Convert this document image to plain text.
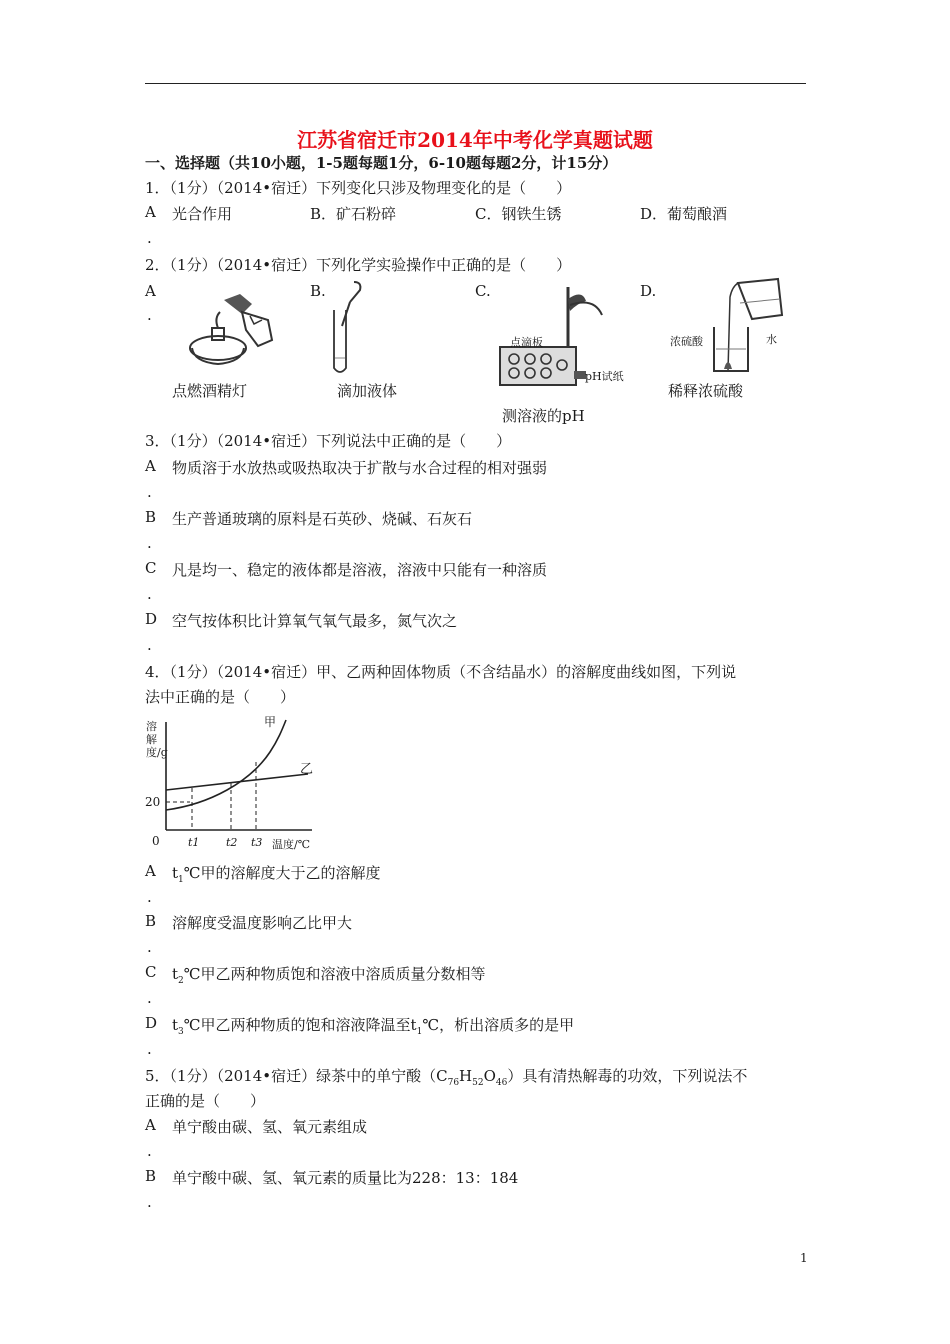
江苏省宿迁市2014年中考化学真题试题
一、选择题（共10小题，1-5题每题1分，6-10题每题2分，计15分）
1．（1分）（2014•宿迁）下列变化只涉及物理变化的是（　　）
A 光合作用	B．矿石粉碎	C．钢铁生锈	D．葡萄酿酒
.
2．（1分）（2014•宿迁）下列化学实验操作中正确的是（　　）
A
.
B.	C.	D.
点燃酒精灯	滴加液体
点滴板
pH试纸
测溶液的pH
浓硫酸	水
稀释浓硫酸
3．（1分）（2014•宿迁）下列说法中正确的是（　　）
A 物质溶于水放热或吸热取决于扩散与水合过程的相对强弱
.
B 生产普通玻璃的原料是石英砂、烧碱、石灰石
.
C 凡是均一、稳定的液体都是溶液，溶液中只能有一种溶质
.
D 空气按体积比计算氧气氧气最多，氮气次之
.
4．（1分）（2014•宿迁）甲、乙两种固体物质（不含结晶水）的溶解度曲线如图，下列说
法中正确的是（　　）
溶解度/g
20
0	t1 t2 t3 温度/℃
甲
乙
A $t_1℃$甲的溶解度大于乙的溶解度
.
B 溶解度受温度影响乙比甲大
.
C $t_2℃$甲乙两种物质饱和溶液中溶质质量分数相等
.
D $t_3℃$甲乙两种物质的饱和溶液降温至$t_1℃$，析出溶质多的是甲
.
5．（1分）（2014•宿迁）绿茶中的单宁酸$(C_{76}H_{52}O_{46})$具有清热解毒的功效，下列说法不
正确的是（　　）
A 单宁酸由碳、氢、氧元素组成
.
B 单宁酸中碳、氢、氧元素的质量比为228：13：184
.
1
